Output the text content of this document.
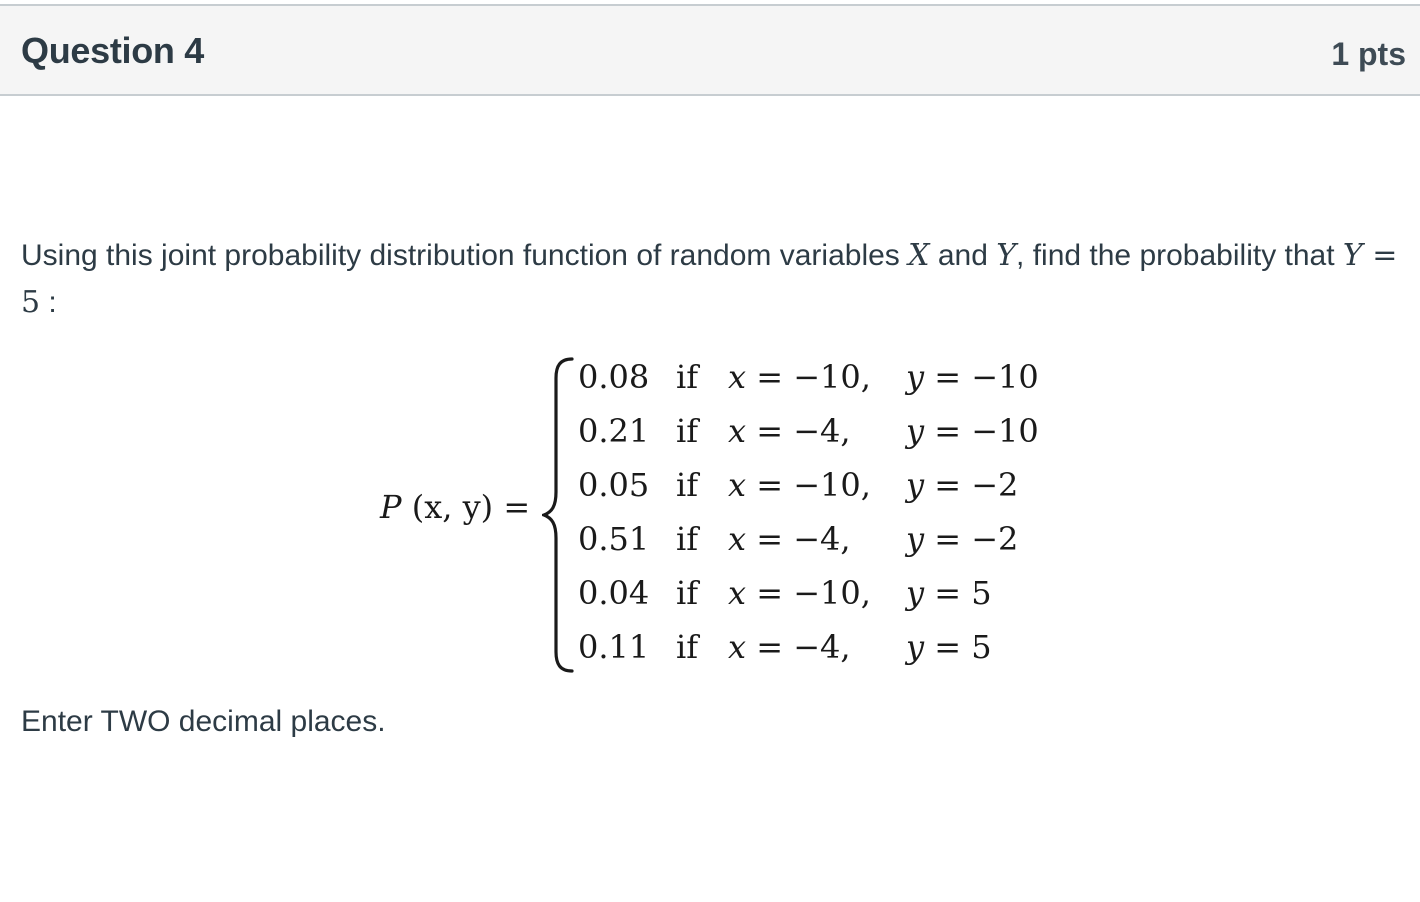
Question 4	1 pts
Using this joint probability distribution function of random variables X and Y, find the probability that Y = 5 :
P (x, y) =
0.08 if x = −10, y = −10
0.21 if x = −4, y = −10
0.05 if x = −10, y = −2
0.51 if x = −4, y = −2
0.04 if x = −10, y = 5
0.11 if x = −4, y = 5
Enter TWO decimal places.
